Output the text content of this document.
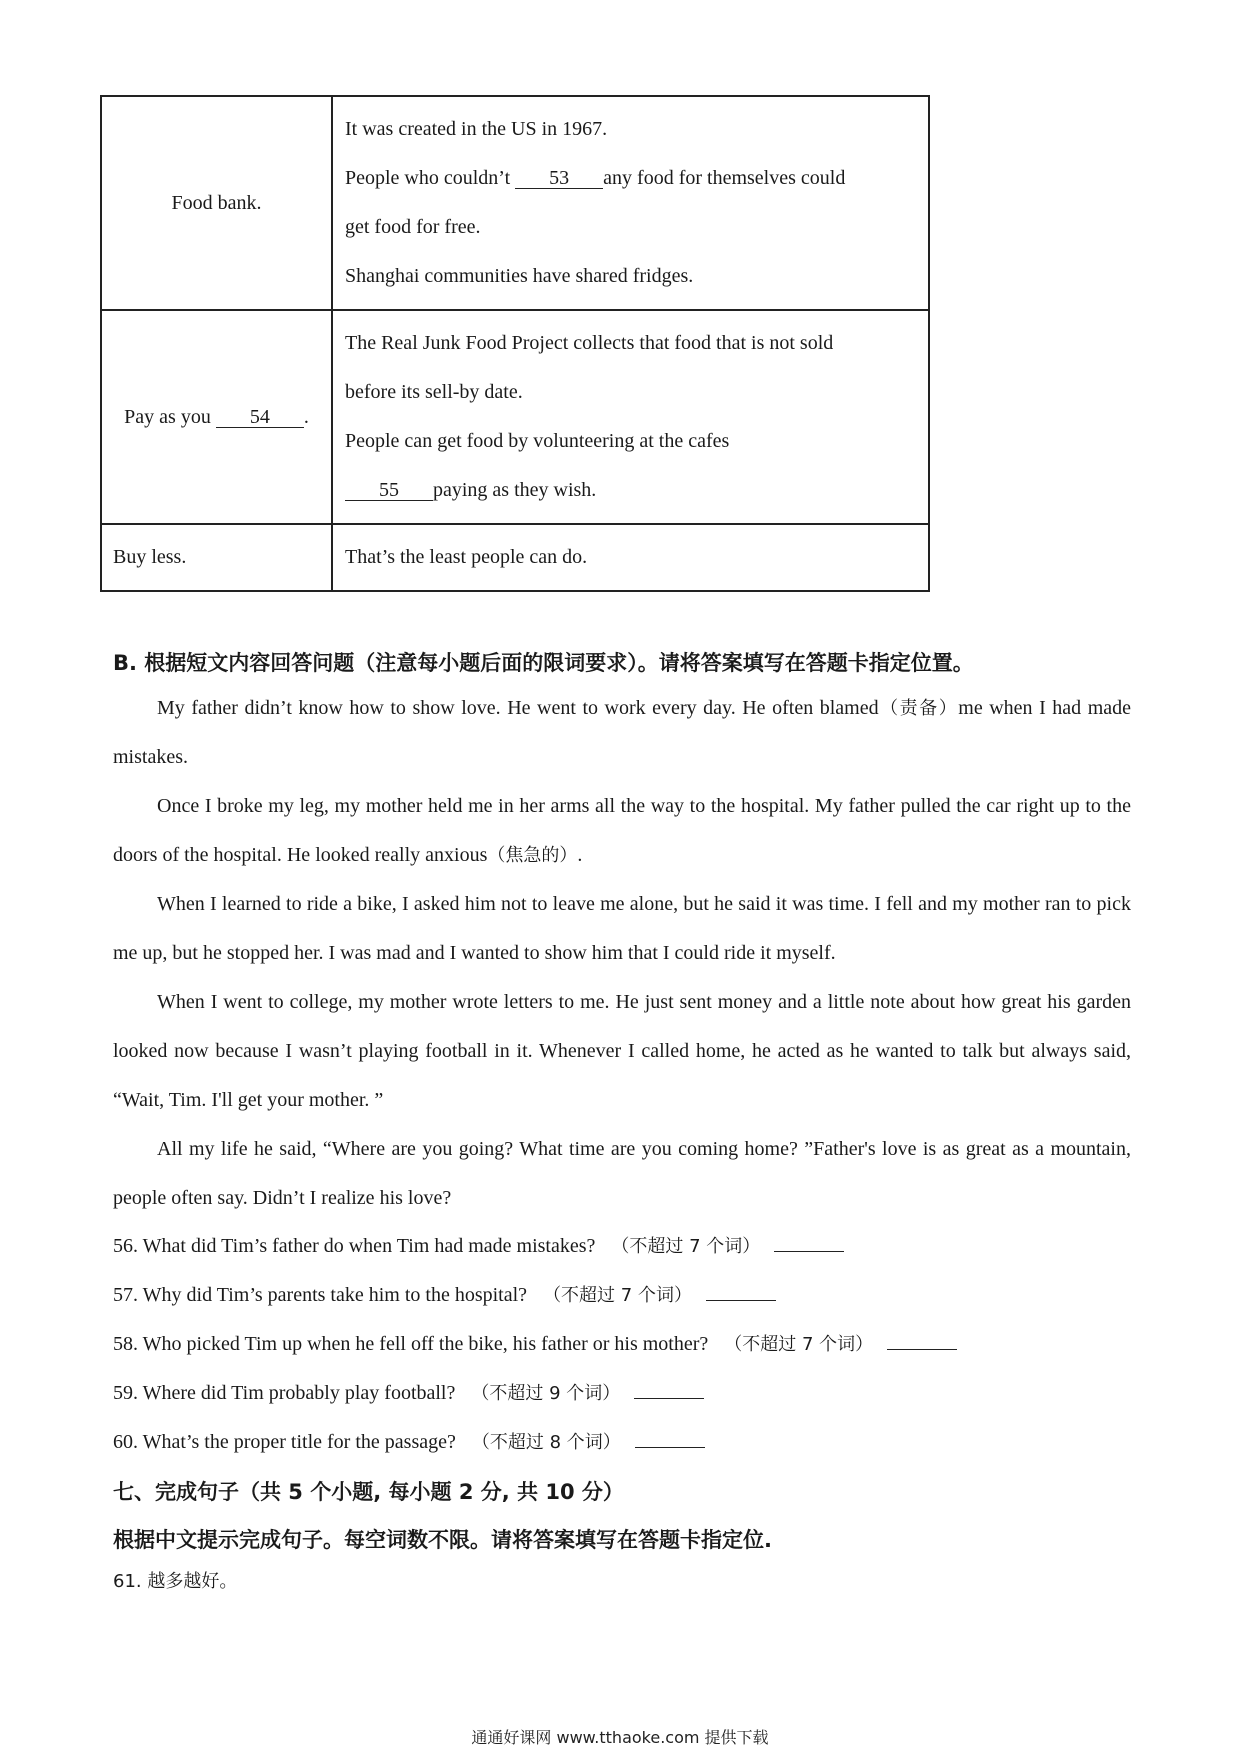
Food bank.	It was created in the US in 1967.
People who couldn’t 53 any food for themselves could
get food for free.
Shanghai communities have shared fridges.

Pay as you 54 .	The Real Junk Food Project collects that food that is not sold
before its sell-by date.
People can get food by volunteering at the cafes
55 paying as they wish.

Buy less.	That’s the least people can do.
B. 根据短文内容回答问题（注意每小题后面的限词要求）。请将答案填写在答题卡指定位置。

My father didn’t know how to show love. He went to work every day. He often blamed（责备）me when I had made mistakes.

Once I broke my leg, my mother held me in her arms all the way to the hospital. My father pulled the car right up to the doors of the hospital. He looked really anxious（焦急的）.

When I learned to ride a bike, I asked him not to leave me alone, but he said it was time. I fell and my mother ran to pick me up, but he stopped her. I was mad and I wanted to show him that I could ride it myself.

When I went to college, my mother wrote letters to me. He just sent money and a little note about how great his garden looked now because I wasn’t playing football in it. Whenever I called home, he acted as he wanted to talk but always said, “Wait, Tim. I'll get your mother. ”

All my life he said, “Where are you going? What time are you coming home? ”Father's love is as great as a mountain, people often say. Didn’t I realize his love?

56. What did Tim’s father do when Tim had made mistakes? （不超过 7 个词）
57. Why did Tim’s parents take him to the hospital? （不超过 7 个词）
58. Who picked Tim up when he fell off the bike, his father or his mother? （不超过 7 个词）
59. Where did Tim probably play football? （不超过 9 个词）
60. What’s the proper title for the passage? （不超过 8 个词）
七、完成句子（共 5 个小题, 每小题 2 分, 共 10 分）
根据中文提示完成句子。每空词数不限。请将答案填写在答题卡指定位.
61. 越多越好。
通通好课网 www.tthaoke.com 提供下载
